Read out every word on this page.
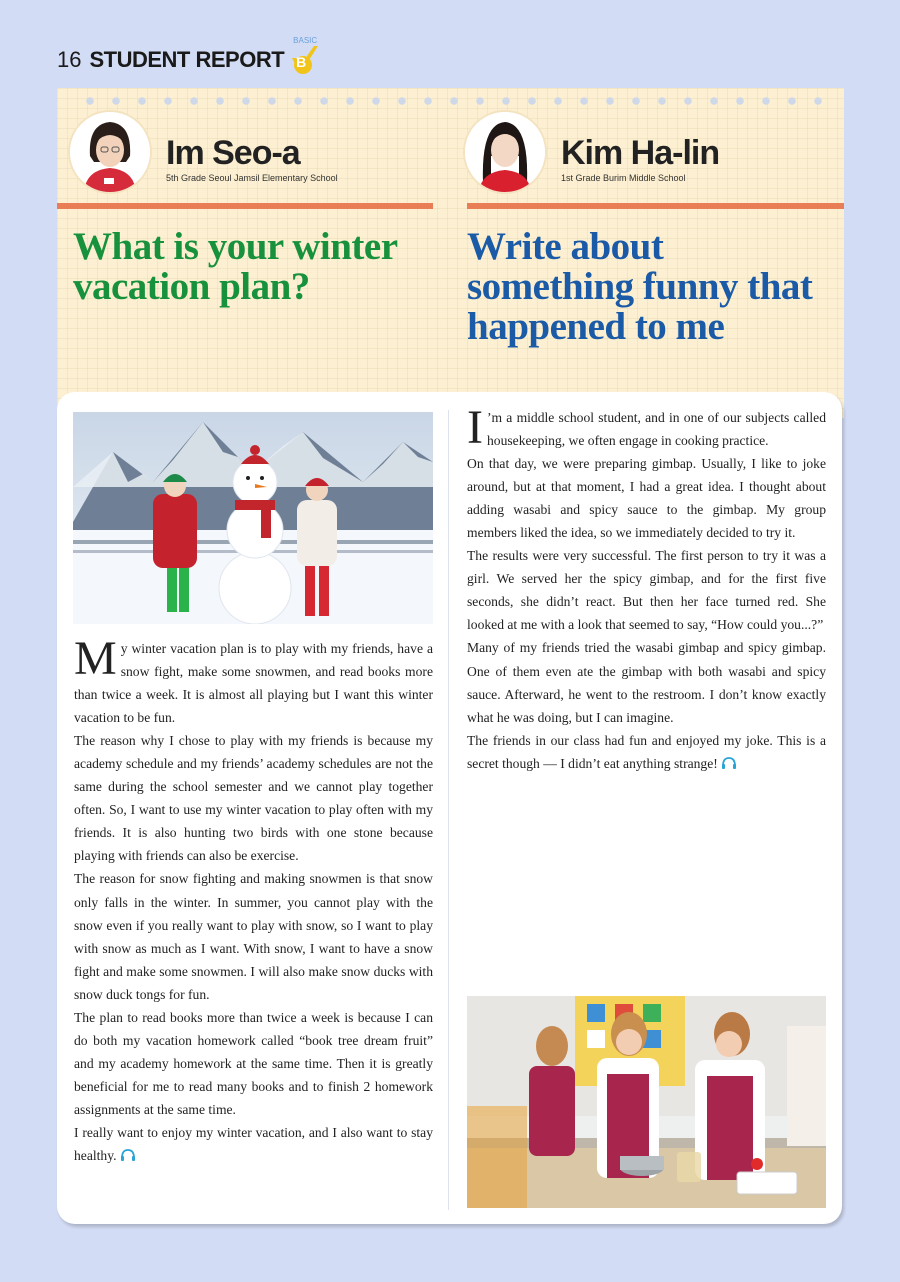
16 STUDENT REPORT
BASIC
B
Im Seo-a
5th Grade Seoul Jamsil Elementary School
Kim Ha-lin
1st Grade Burim Middle School
What is your winter
vacation plan?
Write about
something funny that
happened to me

My winter vacation plan is to play with my friends, have a snow fight, make some snowmen, and read books more than twice a week. It is almost all playing but I want this winter vacation to be fun.

The reason why I chose to play with my friends is because my academy schedule and my friends’ academy schedules are not the same during the school semester and we cannot play together often. So, I want to use my winter vacation to play often with my friends. It is also hunting two birds with one stone because playing with friends can also be exercise.

The reason for snow fighting and making snowmen is that snow only falls in the winter. In summer, you cannot play with the snow even if you really want to play with snow, so I want to play with snow as much as I want. With snow, I want to have a snow fight and make some snowmen. I will also make snow ducks with snow duck tongs for fun.

The plan to read books more than twice a week is because I can do both my vacation homework called “book tree dream fruit” and my academy homework at the same time. Then it is greatly beneficial for me to read many books and to finish 2 homework assignments at the same time.

I really want to enjoy my winter vacation, and I also want to stay healthy.

I ’m a middle school student, and in one of our subjects called housekeeping, we often engage in cooking practice.

On that day, we were preparing gimbap. Usually, I like to joke around, but at that moment, I had a great idea. I thought about adding wasabi and spicy sauce to the gimbap. My group members liked the idea, so we immediately decided to try it.

The results were very successful. The first person to try it was a girl. We served her the spicy gimbap, and for the first five seconds, she didn’t react. But then her face turned red. She looked at me with a look that seemed to say, “How could you...?”

Many of my friends tried the wasabi gimbap and spicy gimbap. One of them even ate the gimbap with both wasabi and spicy sauce. Afterward, he went to the restroom. I don’t know exactly what he was doing, but I can imagine.

The friends in our class had fun and enjoyed my joke. This is a secret though — I didn’t eat anything strange!
